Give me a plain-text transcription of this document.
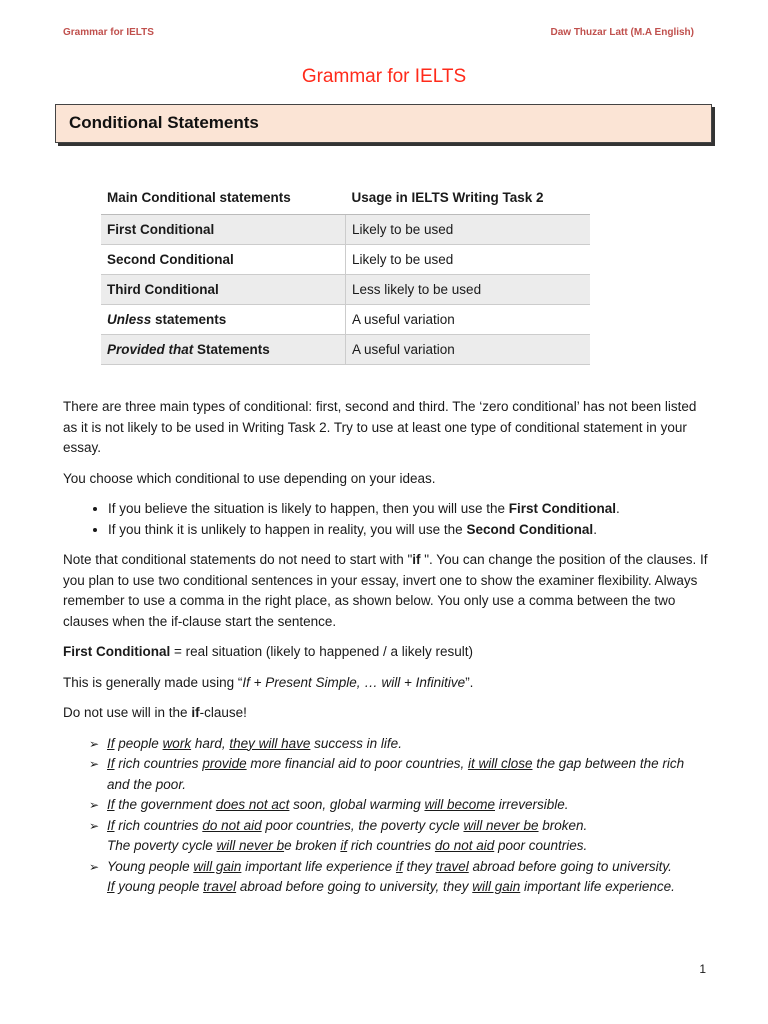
Grammar for IELTS	Daw Thuzar Latt (M.A English)
Grammar for IELTS
Conditional Statements
Main Conditional statements	Usage in IELTS Writing Task 2
First Conditional	Likely to be used
Second Conditional	Likely to be used
Third Conditional	Less likely to be used
Unless statements	A useful variation
Provided that Statements	A useful variation

There are three main types of conditional: first, second and third. The ‘zero conditional’ has not been listed as it is not likely to be used in Writing Task 2. Try to use at least one type of conditional statement in your essay.

You choose which conditional to use depending on your ideas.

• If you believe the situation is likely to happen, then you will use the First Conditional.
• If you think it is unlikely to happen in reality, you will use the Second Conditional.

Note that conditional statements do not need to start with "if ". You can change the position of the clauses. If you plan to use two conditional sentences in your essay, invert one to show the examiner flexibility. Always remember to use a comma in the right place, as shown below. You only use a comma between the two clauses when the if-clause start the sentence.

First Conditional = real situation (likely to happened / a likely result)

This is generally made using “If + Present Simple, … will + Infinitive”.

Do not use will in the if-clause!

➢ If people work hard, they will have success in life.
➢ If rich countries provide more financial aid to poor countries, it will close the gap between the rich and the poor.
➢ If the government does not act soon, global warming will become irreversible.
➢ If rich countries do not aid poor countries, the poverty cycle will never be broken.
The poverty cycle will never be broken if rich countries do not aid poor countries.
➢ Young people will gain important life experience if they travel abroad before going to university.
If young people travel abroad before going to university, they will gain important life experience.
1
